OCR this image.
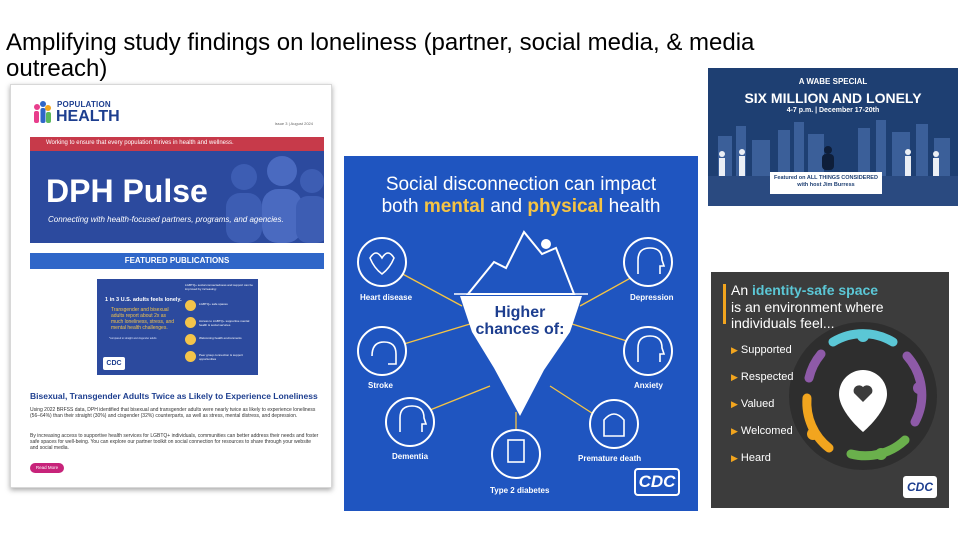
Amplifying study findings on loneliness (partner, social media, & media outreach)
POPULATION
HEALTH	Issue 3 | August 2024
Working to ensure that every population thrives in health and wellness.
DPH Pulse
Connecting with health-focused partners, programs, and agencies.
FEATURED PUBLICATIONS
1 in 3 U.S. adults feels lonely.
Transgender and bisexual adults report about 2x as much loneliness, stress, and mental health challenges.
*compared to straight and cisgender adults
CDC
LGBTQ+ social connectedness and support can be improved by increasing:
LGBTQ+ safe spaces
Access to LGBTQ+ supportive mental health & social services
Welcoming health environments
Peer group connection & support opportunities
Bisexual, Transgender Adults Twice as Likely to Experience Loneliness
Using 2022 BRFSS data, DPH identified that bisexual and transgender adults were nearly twice as likely to experience loneliness (56–64%) than their straight (30%) and cisgender (32%) counterparts, as well as stress, mental distress, and depression.
By increasing access to supportive health services for LGBTQ+ individuals, communities can better address their needs and foster safe spaces for well-being. You can explore our partner toolkit on social connection for resources to share through your website and social media.
Read More
Social disconnection can impact
both mental and physical health
Higher chances of:
Heart disease	Depression
Stroke	Anxiety
Dementia	Premature death
Type 2 diabetes	CDC
A WABE SPECIAL
SIX MILLION AND LONELY
4-7 p.m. | December 17-20th
Featured on ALL THINGS CONSIDERED with host Jim Burress
An identity-safe space
is an environment where
individuals feel...
▶ Supported
▶ Respected
▶ Valued
▶ Welcomed
▶ Heard
CDC
